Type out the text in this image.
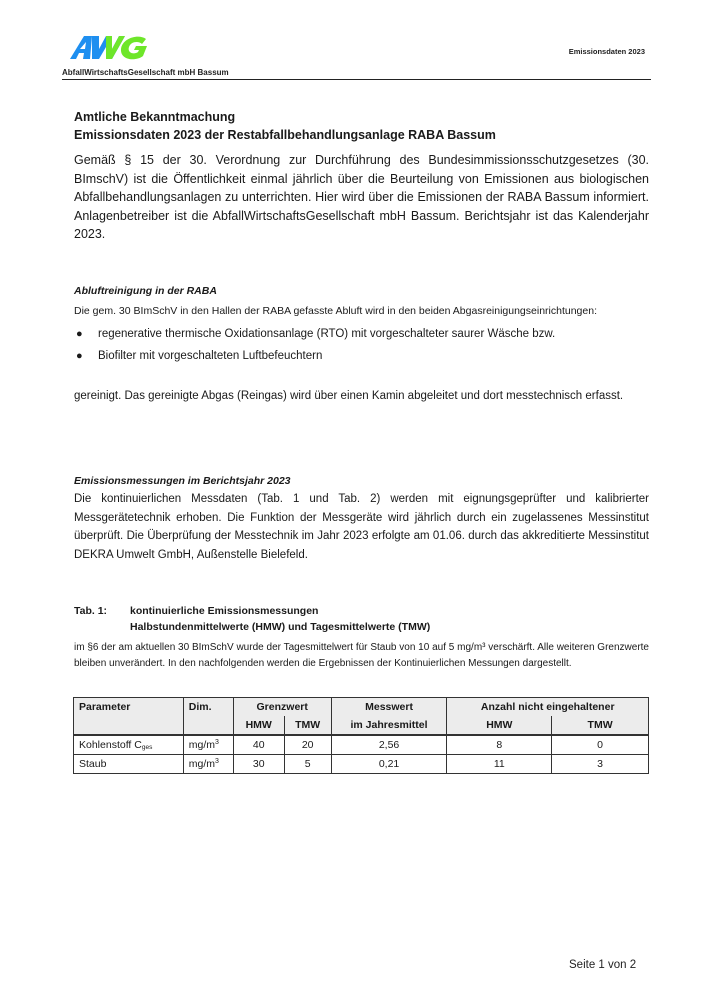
Emissionsdaten 2023
AbfallWirtschaftsGesellschaft mbH Bassum

Amtliche Bekanntmachung

Emissionsdaten 2023 der Restabfallbehandlungsanlage RABA Bassum

Gemäß § 15 der 30. Verordnung zur Durchführung des Bundesimmissionsschutzgesetzes (30. BImschV) ist die Öffentlichkeit einmal jährlich über die Beurteilung von Emissionen aus biologischen Abfallbehandlungsanlagen zu unterrichten. Hier wird über die Emissionen der RABA Bassum informiert. Anlagenbetreiber ist die AbfallWirtschaftsGesellschaft mbH Bassum. Berichtsjahr ist das Kalenderjahr 2023.

Abluftreinigung in der RABA

Die gem. 30 BImSchV in den Hallen der RABA gefasste Abluft wird in den beiden Abgasreinigungseinrichtungen:

● regenerative thermische Oxidationsanlage (RTO) mit vorgeschalteter saurer Wäsche bzw.
● Biofilter mit vorgeschalteten Luftbefeuchtern

gereinigt. Das gereinigte Abgas (Reingas) wird über einen Kamin abgeleitet und dort messtechnisch erfasst.

Emissionsmessungen im Berichtsjahr 2023

Die kontinuierlichen Messdaten (Tab. 1 und Tab. 2) werden mit eignungsgeprüfter und kalibrierter Messgerätetechnik erhoben. Die Funktion der Messgeräte wird jährlich durch ein zugelassenes Messinstitut überprüft. Die Überprüfung der Messtechnik im Jahr 2023 erfolgte am 01.06. durch das akkreditierte Messinstitut DEKRA Umwelt GmbH, Außenstelle Bielefeld.

Tab. 1:	kontinuierliche Emissionsmessungen
Halbstundenmittelwerte (HMW) und Tagesmittelwerte (TMW)

im §6 der am aktuellen 30 BImSchV wurde der Tagesmittelwert für Staub von 10 auf 5 mg/m³ verschärft. Alle weiteren Grenzwerte bleiben unverändert. In den nachfolgenden werden die Ergebnissen der Kontinuierlichen Messungen dargestellt.

Parameter	Dim.	Grenzwert		Messwert	Anzahl nicht eingehaltener	
		HMW	TMW	im Jahresmittel	HMW	TMW
Kohlenstoff $C_{ges}$	$mg/m^3$	40	20	2,56	8	0
Staub	$mg/m^3$	30	5	0,21	11	3
Seite 1 von 2
